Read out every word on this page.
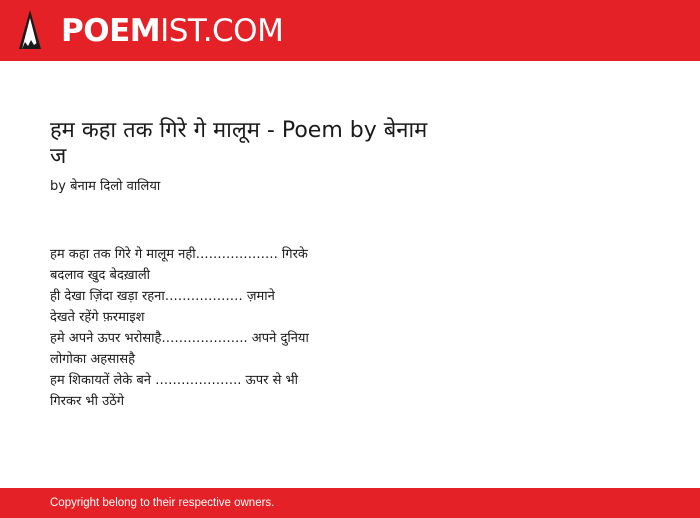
POEMIST.COM
हम कहा तक गिरे गे मालूम - Poem by बेनाम ज
by बेनाम दिलो वालिया

हम कहा तक गिरे गे मालूम नही………………. गिरके

बदलाव खुद बेदख़ाली

ही देखा ज़िंदा खड़ा रहना……………… ज़माने

देखते रहेंगे फ़रमाइश

हमे अपने ऊपर भरोसाहै……………….. अपने दुनिया

लोगोका अहसासहै

हम शिकायतें लेके बने ……………….. ऊपर से भी

गिरकर भी उठेंगे

Copyright belong to their respective owners.
